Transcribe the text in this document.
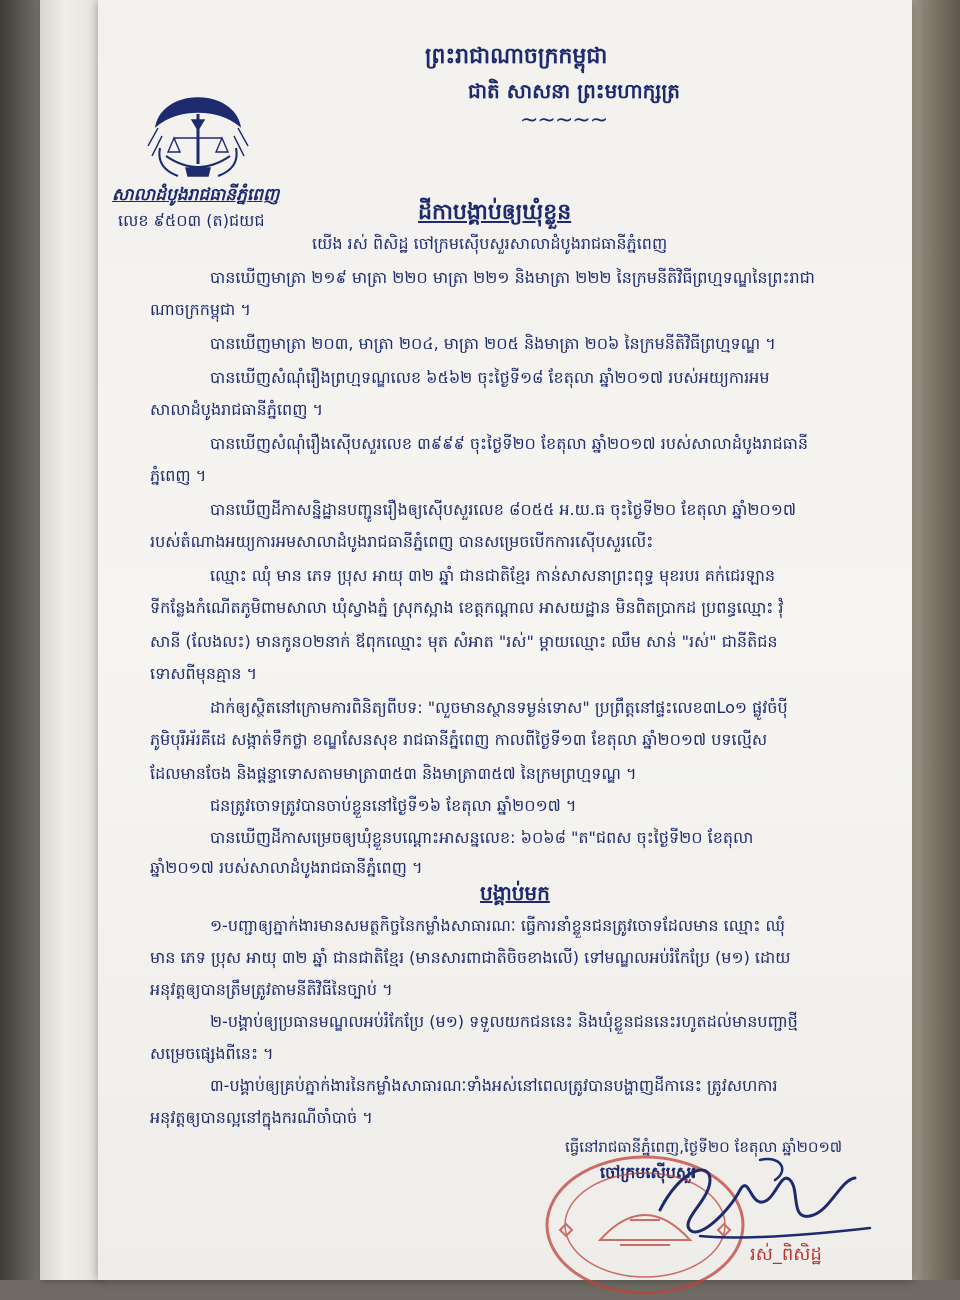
ព្រះរាជាណាចក្រកម្ពុជា
ជាតិ សាសនា ព្រះមហាក្សត្រ
~~~~~
សាលាដំបូងរាជធានីភ្នំពេញ
លេខ ៩៥០៣ (ត)ជយជ	ដីកាបង្គាប់ឲ្យឃុំខ្លួន
យើង រស់ ពិសិដ្ឋ ចៅក្រមស៊ើបសួរសាលាដំបូងរាជធានីភ្នំពេញ
បានឃើញមាត្រា ២១៩ មាត្រា ២២០ មាត្រា ២២១ និងមាត្រា ២២២ នៃក្រមនីតិវិធីព្រហ្មទណ្ឌនៃព្រះរាជា
ណាចក្រកម្ពុជា ។
បានឃើញមាត្រា ២០៣, មាត្រា ២០៤, មាត្រា ២០៥ និងមាត្រា ២០៦ នៃក្រមនីតិវិធីព្រហ្មទណ្ឌ ។
បានឃើញសំណុំរឿងព្រហ្មទណ្ឌលេខ ៦៥៦២ ចុះថ្ងៃទី១៨ ខែតុលា ឆ្នាំ២០១៧ របស់អយ្យការអម
សាលាដំបូងរាជធានីភ្នំពេញ ។
បានឃើញសំណុំរឿងស៊ើបសួរលេខ ៣៩៩៩ ចុះថ្ងៃទី២០ ខែតុលា ឆ្នាំ២០១៧ របស់សាលាដំបូងរាជធានី
ភ្នំពេញ ។
បានឃើញដីកាសន្និដ្ឋានបញ្ជូនរឿងឲ្យស៊ើបសួរលេខ ៨០៥៥ អ.យ.ធ ចុះថ្ងៃទី២០ ខែតុលា ឆ្នាំ២០១៧
របស់តំណាងអយ្យការអមសាលាដំបូងរាជធានីភ្នំពេញ បានសម្រេចបើកការស៊ើបសួរលើះ
ឈ្មោះ ឈុំ មាន ភេទ ប្រុស អាយុ ៣២ ឆ្នាំ ជានជាតិខ្មែរ កាន់សាសនាព្រះពុទ្ធ មុខរបរ គក់ជេរឡាន
ទីកន្លែងកំណើតភូមិពាមសាលា ឃុំស្វាងភ្នំ ស្រុកស្អាង ខេត្តកណ្ដាល អាសយដ្ឋាន មិនពិតប្រាកដ ប្រពន្ធឈ្មោះ វុំ
សានី (លែងលះ) មានកូន០២នាក់ ឪពុកឈ្មោះ មុត សំអាត "រស់" ម្ដាយឈ្មោះ ឈឹម សាន់ "រស់" ជានីតិជន
ទោសពីមុនគ្មាន ។
ដាក់ឲ្យស្ថិតនៅក្រោមការពិនិត្យពីបទ: "លួចមានស្ថានទម្ងន់ទោស" ប្រព្រឹត្តនៅផ្ទះលេខ៣Lo១ ផ្លូវចំប៉ី
ភូមិបុរីអ័រគីដេ សង្កាត់ទឹកថ្លា ខណ្ឌសែនសុខ រាជធានីភ្នំពេញ កាលពីថ្ងៃទី១៣ ខែតុលា ឆ្នាំ២០១៧ បទល្មើស
ដែលមានចែង និងផ្ដន្ទាទោសតាមមាត្រា៣៥៣ និងមាត្រា៣៥៧ នៃក្រមព្រហ្មទណ្ឌ ។
ជនត្រូវចោទត្រូវបានចាប់ខ្លួននៅថ្ងៃទី១៦ ខែតុលា ឆ្នាំ២០១៧ ។
បានឃើញដីកាសម្រេចឲ្យឃុំខ្លួនបណ្ដោះអាសន្នលេខ: ៦០៦៨ "ត"ជពស ចុះថ្ងៃទី២០ ខែតុលា
ឆ្នាំ២០១៧ របស់សាលាដំបូងរាជធានីភ្នំពេញ ។
បង្គាប់មក
១-បញ្ជាឲ្យភ្នាក់ងារមានសមត្ថកិច្ចនៃកម្លាំងសាធារណៈ ធ្វើការនាំខ្លួនជនត្រូវចោទដែលមាន ឈ្មោះ ឈុំ
មាន ភេទ ប្រុស អាយុ ៣២ ឆ្នាំ ជានជាតិខ្មែរ (មានសារពាជាតិចិចខាងលើ) ទៅមណ្ឌលអប់រំកែប្រែ (ម១) ដោយ
អនុវត្តឲ្យបានត្រឹមត្រូវតាមនីតិវិធីនៃច្បាប់ ។
២-បង្គាប់ឲ្យប្រធានមណ្ឌលអប់រំកែប្រែ (ម១) ទទួលយកជននេះ និងឃុំខ្លួនជននេះរហូតដល់មានបញ្ជាថ្មី
សម្រេចផ្សេងពីនេះ ។
៣-បង្គាប់ឲ្យគ្រប់ភ្នាក់ងារនៃកម្លាំងសាធារណៈទាំងអស់នៅពេលត្រូវបានបង្ហាញដីកានេះ ត្រូវសហការ
អនុវត្តឲ្យបានល្អនៅក្នុងករណីចាំបាច់ ។
ធ្វើនៅរាជធានីភ្នំពេញ,ថ្ងៃទី២០ ខែតុលា ឆ្នាំ២០១៧
ចៅក្រមស៊ើបសួរ
រស់_ពិសិដ្ឋ
